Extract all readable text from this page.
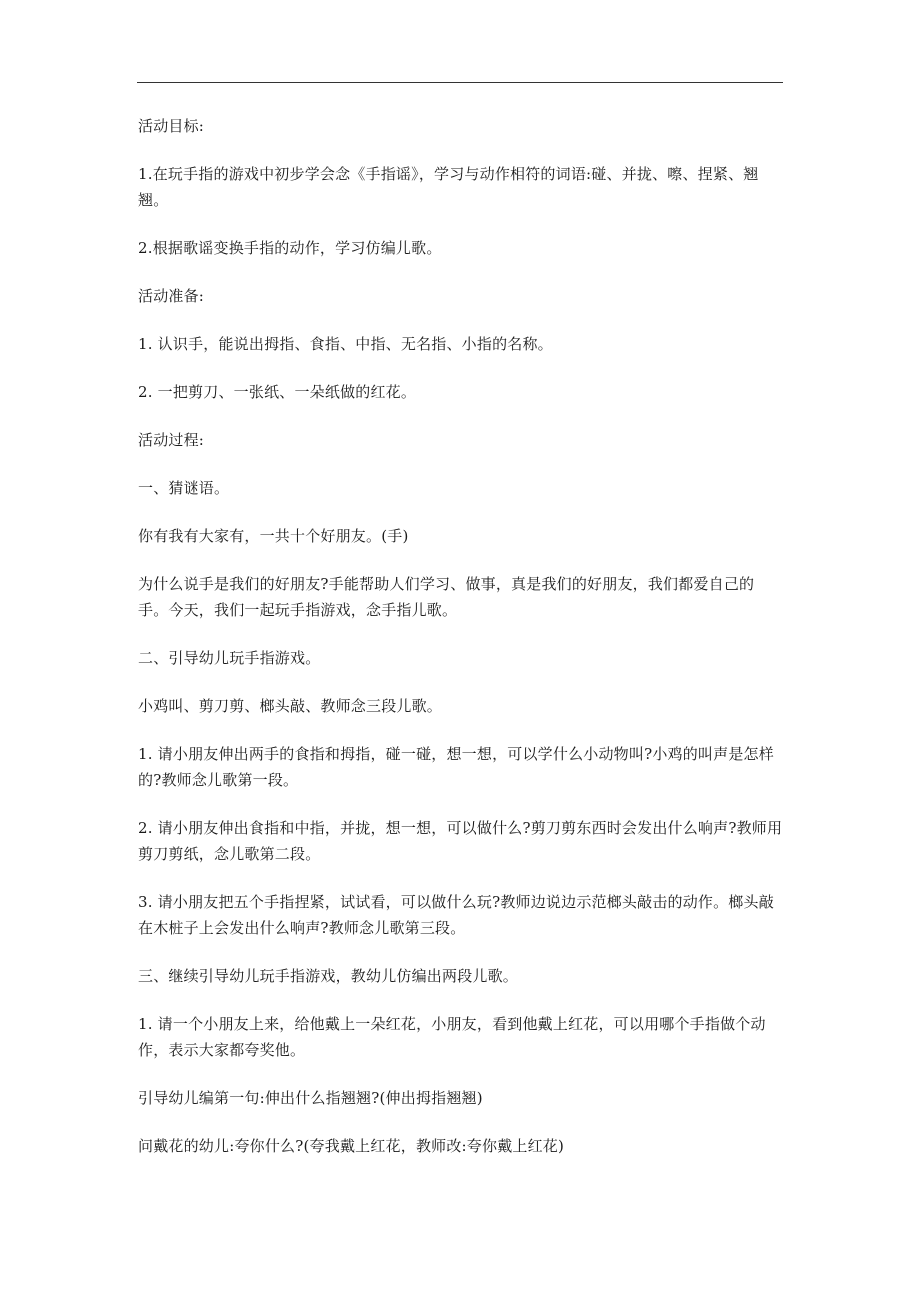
活动目标:

1.在玩手指的游戏中初步学会念《手指谣》，学习与动作相符的词语:碰、并拢、嚓、捏紧、翘翘。

2.根据歌谣变换手指的动作，学习仿编儿歌。

活动准备:

1. 认识手，能说出拇指、食指、中指、无名指、小指的名称。

2. 一把剪刀、一张纸、一朵纸做的红花。

活动过程:

一、猜谜语。

你有我有大家有，一共十个好朋友。(手)

为什么说手是我们的好朋友?手能帮助人们学习、做事，真是我们的好朋友，我们都爱自己的手。今天，我们一起玩手指游戏，念手指儿歌。

二、引导幼儿玩手指游戏。

小鸡叫、剪刀剪、榔头敲、教师念三段儿歌。

1. 请小朋友伸出两手的食指和拇指，碰一碰，想一想，可以学什么小动物叫?小鸡的叫声是怎样的?教师念儿歌第一段。

2. 请小朋友伸出食指和中指，并拢，想一想，可以做什么?剪刀剪东西时会发出什么响声?教师用剪刀剪纸，念儿歌第二段。

3. 请小朋友把五个手指捏紧，试试看，可以做什么玩?教师边说边示范榔头敲击的动作。榔头敲在木桩子上会发出什么响声?教师念儿歌第三段。

三、继续引导幼儿玩手指游戏，教幼儿仿编出两段儿歌。

1. 请一个小朋友上来，给他戴上一朵红花，小朋友，看到他戴上红花，可以用哪个手指做个动作，表示大家都夸奖他。

引导幼儿编第一句:伸出什么指翘翘?(伸出拇指翘翘)

问戴花的幼儿:夸你什么?(夸我戴上红花，教师改:夸你戴上红花)
